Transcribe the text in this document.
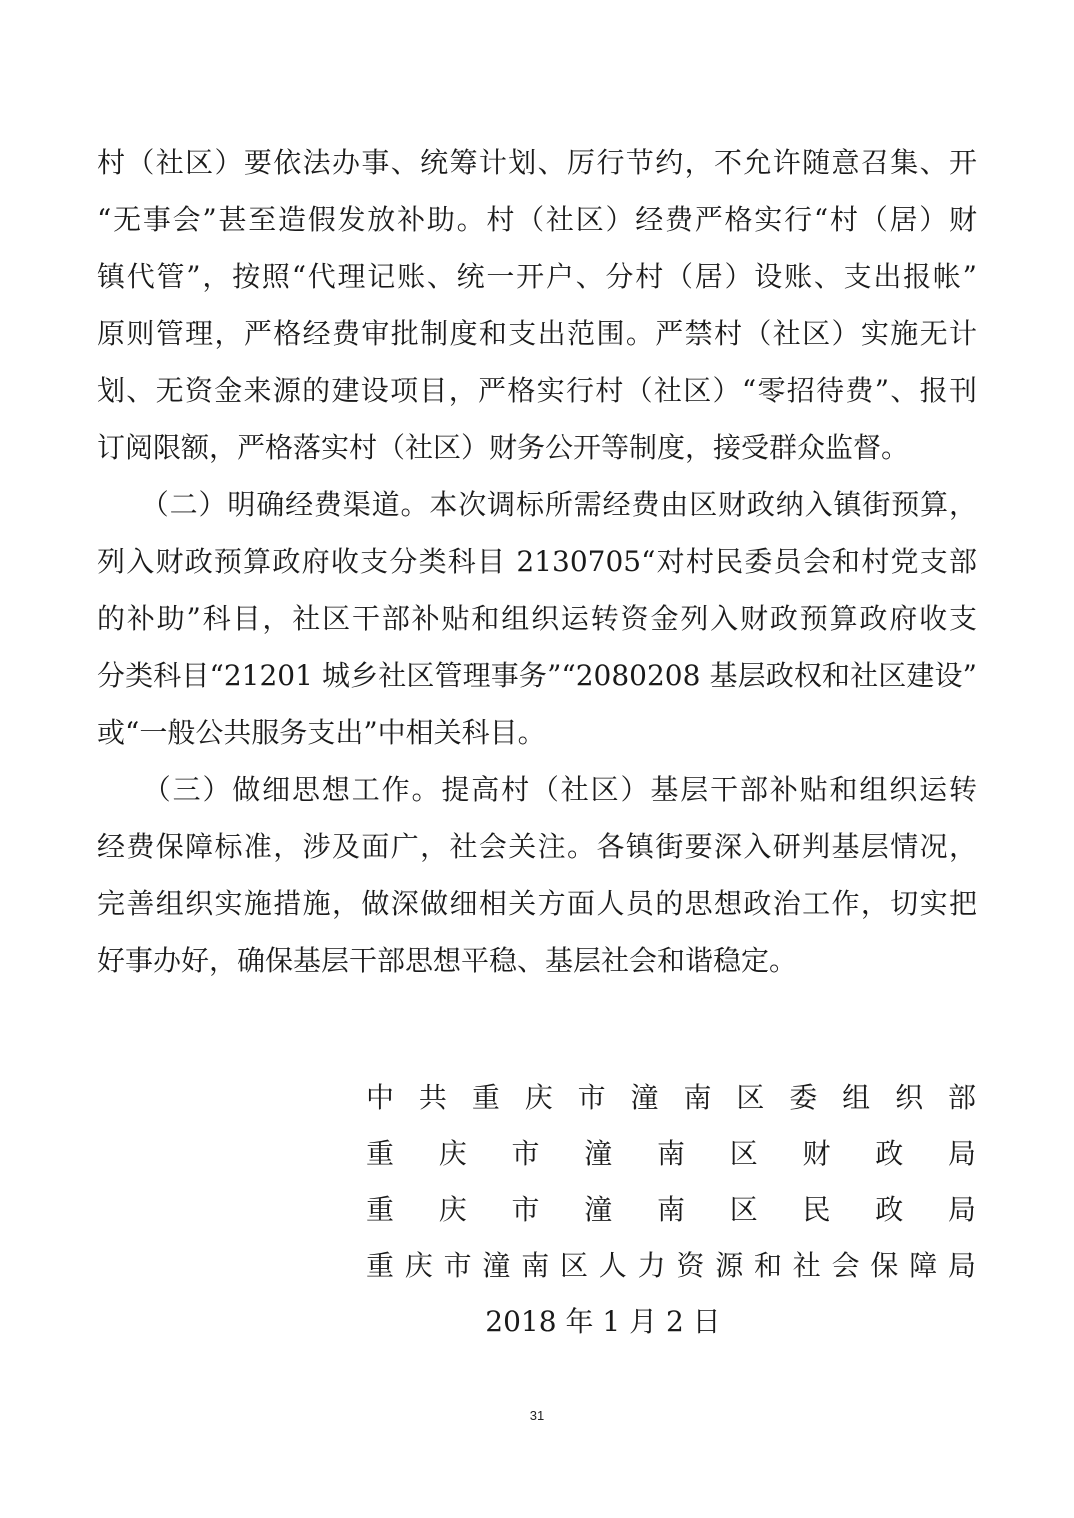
村（社区）要依法办事、统筹计划、厉行节约，不允许随意召集、开
“无事会”甚至造假发放补助。村（社区）经费严格实行“村（居）财
镇代管”，按照“代理记账、统一开户、分村（居）设账、支出报帐”
原则管理，严格经费审批制度和支出范围。严禁村（社区）实施无计
划、无资金来源的建设项目，严格实行村（社区）“零招待费”、报刊
订阅限额，严格落实村（社区）财务公开等制度，接受群众监督。
　　（二）明确经费渠道。本次调标所需经费由区财政纳入镇街预算，
列入财政预算政府收支分类科目 2130705“对村民委员会和村党支部
的补助”科目，社区干部补贴和组织运转资金列入财政预算政府收支
分类科目“21201 城乡社区管理事务”“2080208 基层政权和社区建设”
或“一般公共服务支出”中相关科目。
　　（三）做细思想工作。提高村（社区）基层干部补贴和组织运转
经费保障标准，涉及面广，社会关注。各镇街要深入研判基层情况，
完善组织实施措施，做深做细相关方面人员的思想政治工作，切实把
好事办好，确保基层干部思想平稳、基层社会和谐稳定。
中 共 重 庆 市 潼 南 区 委 组 织 部
重 庆 市 潼 南 区 财 政 局
重 庆 市 潼 南 区 民 政 局
重 庆 市 潼 南 区 人 力 资 源 和 社 会 保 障 局
2018 年 1 月 2 日
31
